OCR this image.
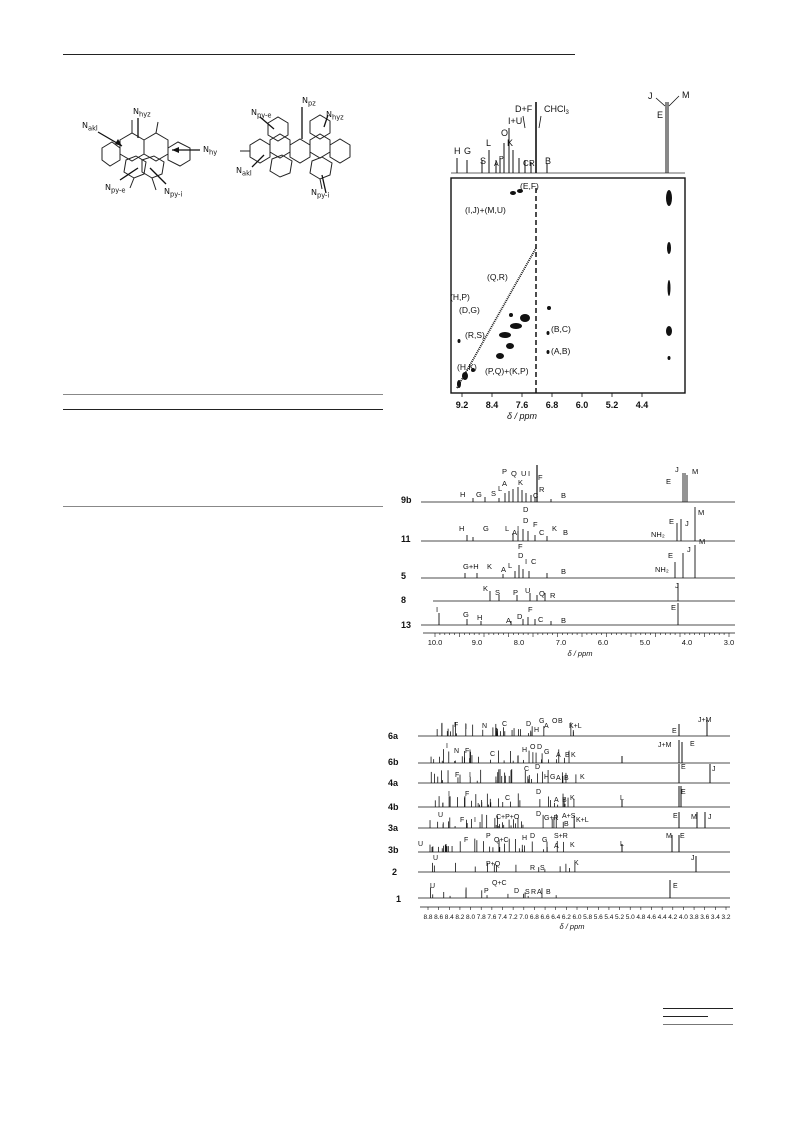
$N_{akl}$
$N_{hyz}$
$N_{hy}$
$N_{py-e}$	$N_{py-i}$
$N_{py-e}$
$N_{pz}$
$N_{hyz}$
$N_{akl}$
$N_{py-i}$
H G
S
L
A
P
O
I+U
K
D+F CHCl$_3$
C R B
J	M
E
(E,F)
(I,J)+(M,U)
(Q,R)
(H,P)
(D,G)
(R,S)
(H,K) (P,Q)+(K,P)
(B,C)
(A,B)
9.2 8.4 7.6 6.8 6.0 5.2 4.4
δ / ppm
9b
11
5
8
13
H G S
L
A
P Q U I
K
F
C
R
B
D
E
J M
H G L A I
D F
C K B
E J
M
NH₂
G+H K A L
F
D
I C
B
E
J
M
NH₂
K S P U Q R
J
I
G H	A D
F
C B
E
10.0	9.0	8.0	7.0	6.0	5.0	4.0	3.0
δ / ppm
6a
6b
4a
4b
3a
3b
2
1
F I N C	D G
H
A
O B
K+L
E
J+M
I
N F	C
H O D
G A B K
J+M	E
F I
C D
H G A B K
E	J
I F
C
D
A B K	L
E
U
F I	C+P+O D
G+R A+S
B
K+L
E M J
U
F
P
Q+C H D
G
S+R
A K	L
M E
U
P+Q
R S
K
J
U
P
Q+C
D S R A B
E
8.8 8.6 8.4 8.2 8.0 7.8 7.6 7.4 7.2 7.0 6.8 6.6 6.4 6.2 6.0 5.8 5.6 5.4 5.2 5.0 4.8 4.6 4.4 4.2 4.0 3.8 3.6 3.4 3.2
δ / ppm
